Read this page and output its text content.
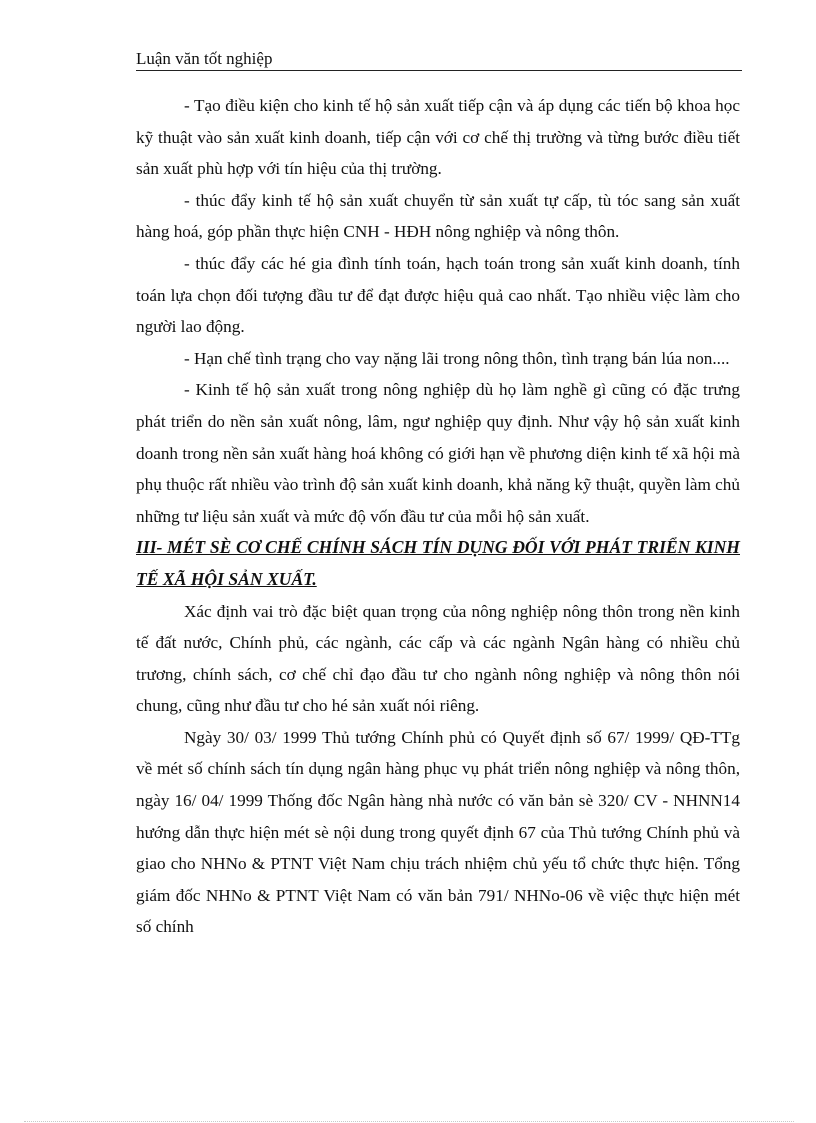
Luận văn tốt nghiệp

- Tạo điều kiện cho kinh tế hộ sản xuất tiếp cận và áp dụng các tiến bộ khoa học kỹ thuật vào sản xuất kinh doanh, tiếp cận với cơ chế thị trường và từng bước điều tiết sản xuất phù hợp với tín hiệu của thị trường.

- thúc đẩy kinh tế hộ sản xuất chuyển từ sản xuất tự cấp, tù tóc sang sản xuất hàng hoá, góp phần thực hiện CNH - HĐH nông nghiệp và nông thôn.

- thúc đẩy các hé gia đình tính toán, hạch toán trong sản xuất kinh doanh, tính toán lựa chọn đối tượng đầu tư để đạt được hiệu quả cao nhất. Tạo nhiều việc làm cho người lao động.

- Hạn chế tình trạng cho vay nặng lãi trong nông thôn, tình trạng bán lúa non....

- Kinh tế hộ sản xuất trong nông nghiệp dù họ làm nghề gì cũng có đặc trưng phát triển do nền sản xuất nông, lâm, ngư nghiệp quy định. Như vậy hộ sản xuất kinh doanh trong nền sản xuất hàng hoá không có giới hạn về phương diện kinh tế xã hội mà phụ thuộc rất nhiều vào trình độ sản xuất kinh doanh, khả năng kỹ thuật, quyền làm chủ những tư liệu sản xuất và mức độ vốn đầu tư của mỗi hộ sản xuất.

III- MÉT SÈ CƠ CHẾ CHÍNH SÁCH TÍN DỤNG ĐỐI VỚI PHÁT TRIỂN KINH TẾ XÃ HỘI SẢN XUẤT.

Xác định vai trò đặc biệt quan trọng của nông nghiệp nông thôn trong nền kinh tế đất nước, Chính phủ, các ngành, các cấp và các ngành Ngân hàng có nhiều chủ trương, chính sách, cơ chế chỉ đạo đầu tư cho ngành nông nghiệp và nông thôn nói chung, cũng như đầu tư cho hé sản xuất nói riêng.

Ngày 30/ 03/ 1999 Thủ tướng Chính phủ có Quyết định số 67/ 1999/ QĐ-TTg về mét số chính sách tín dụng ngân hàng phục vụ phát triển nông nghiệp và nông thôn, ngày 16/ 04/ 1999 Thống đốc Ngân hàng nhà nước có văn bản sè 320/ CV - NHNN14 hướng dẫn thực hiện mét sè nội dung trong quyết định 67 của Thủ tướng Chính phủ và giao cho NHNo & PTNT Việt Nam chịu trách nhiệm chủ yếu tổ chức thực hiện. Tổng giám đốc NHNo & PTNT Việt Nam có văn bản 791/ NHNo-06 về việc thực hiện mét số chính
